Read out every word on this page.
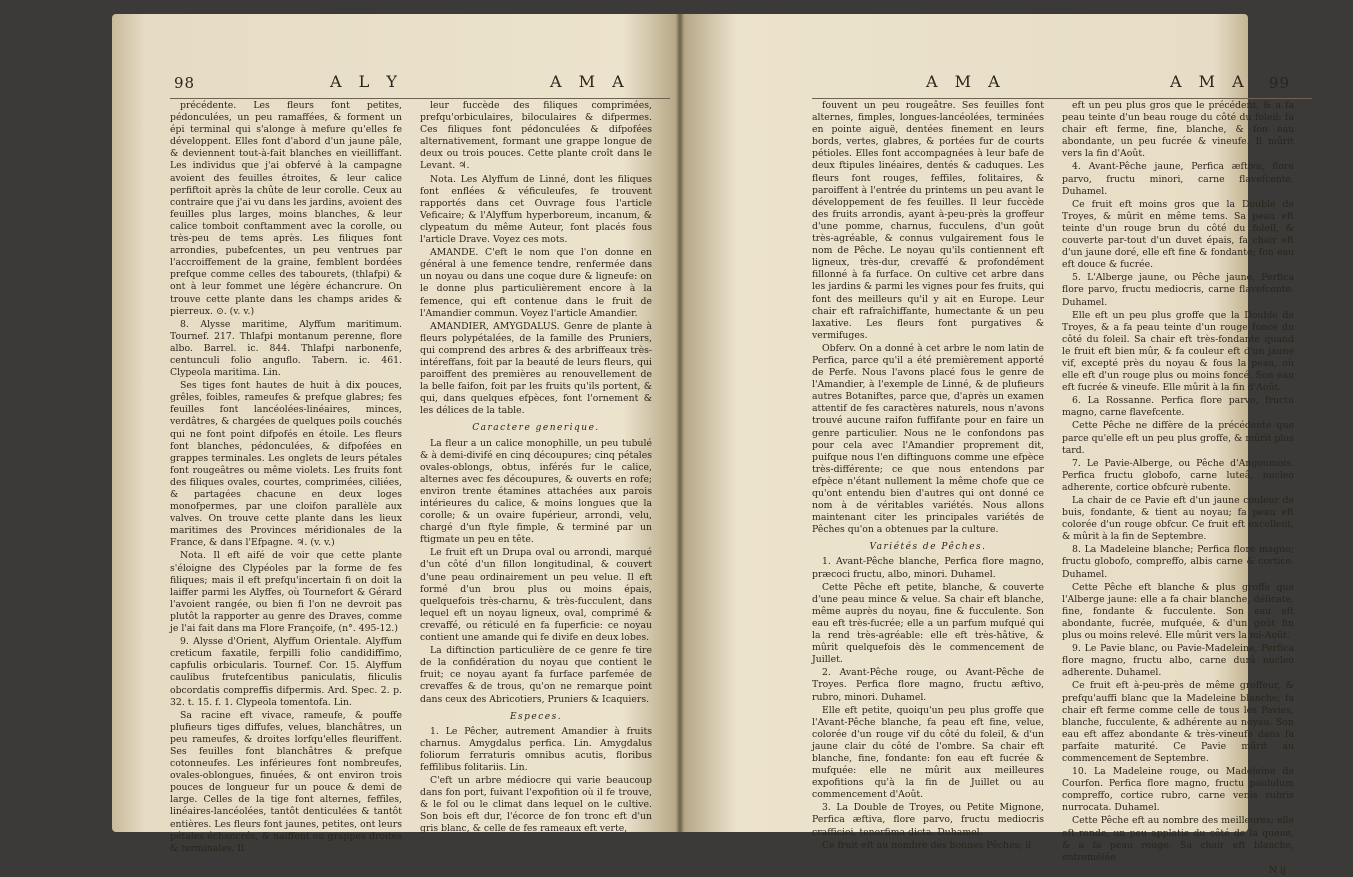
98	A L Y	A M A

précédente. Les fleurs font petites, pédonculées, un peu ramaffées, & forment un épi terminal qui s'alonge à mefure qu'elles fe développent. Elles font d'abord d'un jaune pâle, & deviennent tout-à-fait blanches en vieilliffant. Les individus que j'ai obfervé à la campagne avoient des feuilles étroites, & leur calice perfiftoit après la chûte de leur corolle. Ceux au contraire que j'ai vu dans les jardins, avoient des feuilles plus larges, moins blanches, & leur calice tomboit conftamment avec la corolle, ou très-peu de tems après. Les filiques font arrondies, pubefcentes, un peu ventrues par l'accroiffement de la graine, femblent bordées prefque comme celles des tabourets, (thlafpi) & ont à leur fommet une légère échancrure. On trouve cette plante dans les champs arides & pierreux. ⊙. (v. v.)

8. Alysse maritime, Alyffum maritimum. Tournef. 217. Thlafpi montanum perenne, flore albo. Barrel. ic. 844. Thlafpi narbonenfe, centunculi folio anguflo. Tabern. ic. 461. Clypeola maritima. Lin.

Ses tiges font hautes de huit à dix pouces, grêles, foibles, rameufes & prefque glabres; fes feuilles font lancéolées-linéaires, minces, verdâtres, & chargées de quelques poils couchés qui ne font point difpofés en étoile. Les fleurs font blanches, pédonculées, & difpofées en grappes terminales. Les onglets de leurs pétales font rougeâtres ou même violets. Les fruits font des filiques ovales, courtes, comprimées, ciliées, & partagées chacune en deux loges monofpermes, par une cloifon parallèle aux valves. On trouve cette plante dans les lieux maritimes des Provinces méridionales de la France, & dans l'Efpagne. ♃. (v. v.)

Nota. Il eft aifé de voir que cette plante s'éloigne des Clypéoles par la forme de fes filiques; mais il eft prefqu'incertain fi on doit la laiffer parmi les Alyffes, où Tournefort & Gérard l'avoient rangée, ou bien fi l'on ne devroit pas plutôt la rapporter au genre des Draves, comme je l'ai fait dans ma Flore Françoife, (n°. 495-12.)

9. Alysse d'Orient, Alyffum Orientale. Alyffum creticum faxatile, ferpilli folio candidiffimo, capfulis orbicularis. Tournef. Cor. 15. Alyffum caulibus frutefcentibus paniculatis, filiculis obcordatis compreffis difpermis. Ard. Spec. 2. p. 32. t. 15. f. 1. Clypeola tomentofa. Lin.

Sa racine eft vivace, rameufe, & pouffe plufieurs tiges diffufes, velues, blanchâtres, un peu rameufes, & droites lorfqu'elles fleuriffent. Ses feuilles font blanchâtres & prefque cotonneufes. Les inférieures font nombreufes, ovales-oblongues, finuées, & ont environ trois pouces de longueur fur un pouce & demi de large. Celles de la tige font alternes, feffiles, linéaires-lancéolées, tantôt denticulées & tantôt entières. Les fleurs font jaunes, petites, ont leurs pétales échancrés, & naiffent en grappes droites & terminales. Il

leur fuccède des filiques comprimées, prefqu'orbiculaires, biloculaires & difpermes. Ces filiques font pédonculées & difpofées alternativement, formant une grappe longue de deux ou trois pouces. Cette plante croît dans le Levant. ♃.

Nota. Les Alyffum de Linné, dont les filiques font enflées & véficuleufes, fe trouvent rapportés dans cet Ouvrage fous l'article Veficaire; & l'Alyffum hyperboreum, incanum, & clypeatum du même Auteur, font placés fous l'article Drave. Voyez ces mots.

AMANDE. C'eft le nom que l'on donne en général à une femence tendre, renfermée dans un noyau ou dans une coque dure & ligneufe: on le donne plus particulièrement encore à la femence, qui eft contenue dans le fruit de l'Amandier commun. Voyez l'article Amandier.

AMANDIER, AMYGDALUS. Genre de plante à fleurs polypétalées, de la famille des Pruniers, qui comprend des arbres & des arbriffeaux très-intéreffans, foit par la beauté de leurs fleurs, qui paroiffent des premières au renouvellement de la belle faifon, foit par les fruits qu'ils portent, & qui, dans quelques efpèces, font l'ornement & les délices de la table.

Caractere generique.

La fleur a un calice monophille, un peu tubulé & à demi-divifé en cinq découpures; cinq pétales ovales-oblongs, obtus, inférés fur le calice, alternes avec fes découpures, & ouverts en rofe; environ trente étamines attachées aux parois intérieures du calice, & moins longues que la corolle; & un ovaire fupérieur, arrondi, velu, chargé d'un ftyle fimple, & terminé par un ftigmate un peu en tête.

Le fruit eft un Drupa oval ou arrondi, marqué d'un côté d'un fillon longitudinal, & couvert d'une peau ordinairement un peu velue. Il eft formé d'un brou plus ou moins épais, quelquefois très-charnu, & très-fucculent, dans lequel eft un noyau ligneux, oval, comprimé & crevaffé, ou réticulé en fa fuperficie: ce noyau contient une amande qui fe divife en deux lobes.

La diftinction particulière de ce genre fe tire de la confidération du noyau que contient le fruit; ce noyau ayant fa furface parfemée de crevaffes & de trous, qu'on ne remarque point dans ceux des Abricotiers, Pruniers & Icaquiers.

Especes.

1. Le Pêcher, autrement Amandier à fruits charnus. Amygdalus perfica. Lin. Amygdalus foliorum ferraturis omnibus acutis, floribus feffilibus folitariis. Lin.

C'eft un arbre médiocre qui varie beaucoup dans fon port, fuivant l'expofition où il fe trouve, & le fol ou le climat dans lequel on le cultive. Son bois eft dur, l'écorce de fon tronc eft d'un gris blanc, & celle de fes rameaux eft verte,

A M A	A M A 99

fouvent un peu rougeâtre. Ses feuilles font alternes, fimples, longues-lancéolées, terminées en pointe aiguë, dentées finement en leurs bords, vertes, glabres, & portées fur de courts pétioles. Elles font accompagnées à leur bafe de deux ftipules linéaires, dentés & caduques. Les fleurs font rouges, feffiles, folitaires, & paroiffent à l'entrée du printems un peu avant le développement de fes feuilles. Il leur fuccède des fruits arrondis, ayant à-peu-près la groffeur d'une pomme, charnus, fucculens, d'un goût très-agréable, & connus vulgairement fous le nom de Pêche. Le noyau qu'ils contiennent eft ligneux, très-dur, crevaffé & profondément fillonné à fa furface. On cultive cet arbre dans les jardins & parmi les vignes pour fes fruits, qui font des meilleurs qu'il y ait en Europe. Leur chair eft rafraîchiffante, humectante & un peu laxative. Les fleurs font purgatives & vermifuges.

Obferv. On a donné à cet arbre le nom latin de Perfica, parce qu'il a été premièrement apporté de Perfe. Nous l'avons placé fous le genre de l'Amandier, à l'exemple de Linné, & de plufieurs autres Botaniftes, parce que, d'après un examen attentif de fes caractères naturels, nous n'avons trouvé aucune raifon fuffifante pour en faire un genre particulier. Nous ne le confondons pas pour cela avec l'Amandier proprement dit, puifque nous l'en diftinguons comme une efpèce très-différente; ce que nous entendons par efpèce n'étant nullement la même chofe que ce qu'ont entendu bien d'autres qui ont donné ce nom à de véritables variétés. Nous allons maintenant citer les principales variétés de Pêches qu'on a obtenues par la culture.

Variétés de Pêches.

1. Avant-Pêche blanche, Perfica flore magno, præcoci fructu, albo, minori. Duhamel.

Cette Pêche eft petite, blanche, & couverte d'une peau mince & velue. Sa chair eft blanche, même auprès du noyau, fine & fucculente. Son eau eft très-fucrée; elle a un parfum mufqué qui la rend très-agréable: elle eft très-hâtive, & mûrit quelquefois dès le commencement de Juillet.

2. Avant-Pêche rouge, ou Avant-Pêche de Troyes. Perfica flore magno, fructu æftivo, rubro, minori. Duhamel.

Elle eft petite, quoiqu'un peu plus groffe que l'Avant-Pêche blanche, fa peau eft fine, velue, colorée d'un rouge vif du côté du foleil, & d'un jaune clair du côté de l'ombre. Sa chair eft blanche, fine, fondante: fon eau eft fucrée & mufquée: elle ne mûrit aux meilleures expofitions qu'à la fin de Juillet ou au commencement d'Août.

3. La Double de Troyes, ou Petite Mignone, Perfica æftiva, flore parvo, fructu mediocris crafficiei, tenerfima dicta. Duhamel.

Ce fruit eft au nombre des bonnes Pêches; il

eft un peu plus gros que le précédent, & a fa peau teinte d'un beau rouge du côté du foleil: fa chair eft ferme, fine, blanche, & fon eau abondante, un peu fucrée & vineufe. Il mûrit vers la fin d'Août.

4. Avant-Pêche jaune, Perfica æftiva, flore parvo, fructu minori, carne flavefcente. Duhamel.

Ce fruit eft moins gros que la Double de Troyes, & mûrit en même tems. Sa peau eft teinte d'un rouge brun du côté du foleil, & couverte par-tout d'un duvet épais, fa chair eft d'un jaune doré, elle eft fine & fondante; fon eau eft douce & fucrée.

5. L'Alberge jaune, ou Pêche jaune, Perfica flore parvo, fructu mediocris, carne flavefcente. Duhamel.

Elle eft un peu plus groffe que la Double de Troyes, & a fa peau teinte d'un rouge foncé du côté du foleil. Sa chair eft très-fondante quand le fruit eft bien mûr, & fa couleur eft d'un jaune vif, excepté près du noyau & fous la peau, où elle eft d'un rouge plus ou moins foncé. Son eau eft fucrée & vineufe. Elle mûrit à la fin d'Août.

6. La Rossanne. Perfica flore parvo, fructu magno, carne flavefcente.

Cette Pêche ne diffère de la précédente que parce qu'elle eft un peu plus groffe, & mûrit plus tard.

7. Le Pavie-Alberge, ou Pêche d'Angoumois. Perfica fructu globofo, carne luteâ, nucleo adherente, cortice obfcurè rubente.

La chair de ce Pavie eft d'un jaune couleur de buis, fondante, & tient au noyau; fa peau eft colorée d'un rouge obfcur. Ce fruit eft excellent, & mûrit à la fin de Septembre.

8. La Madeleine blanche; Perfica flore magno; fructu globofo, compreffo, albis carne & cortice. Duhamel.

Cette Pêche eft blanche & plus groffe que l'Alberge jaune: elle a fa chair blanche, délicate, fine, fondante & fucculente. Son eau eft abondante, fucrée, mufquée, & d'un goût fin plus ou moins relevé. Elle mûrit vers la mi-Août.

9. Le Pavie blanc, ou Pavie-Madeleine, Perfica flore magno, fructu albo, carne durâ nucleo adherente. Duhamel.

Ce fruit eft à-peu-près de même groffeur, & prefqu'auffi blanc que la Madeleine blanche; fa chair eft ferme comme celle de tous les Pavies, blanche, fucculente, & adhérente au noyau. Son eau eft affez abondante & très-vineufe dans fa parfaite maturité. Ce Pavie mûrit au commencement de Septembre.

10. La Madeleine rouge, ou Madeleine de Courfon. Perfica flore magno, fructu paululum compreffo, cortice rubro, carne venis rubris nurrocata. Duhamel.

Cette Pêche eft au nombre des meilleures; elle eft ronde, un peu applatie du côté de la queue, & a fa peau rouge. Sa chair eft blanche, entremêlée

N ij
